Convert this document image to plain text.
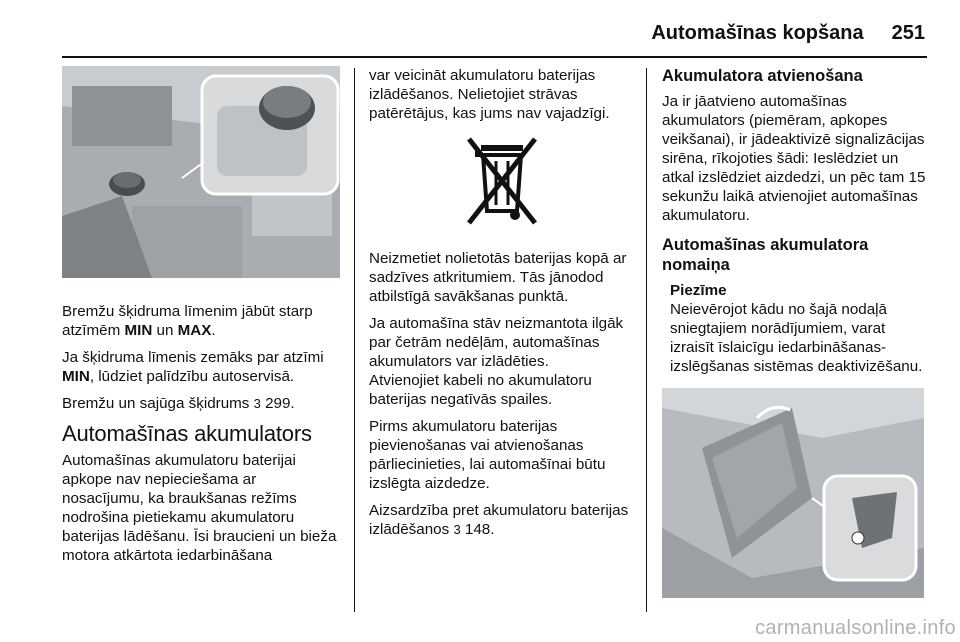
Automašīnas kopšana 251

Bremžu šķidruma līmenim jābūt starp atzīmēm MIN un MAX.

Ja šķidruma līmenis zemāks par atzīmi MIN, lūdziet palīdzību autoservisā.

Bremžu un sajūga šķidrums 3 299.

Automašīnas akumulators

Automašīnas akumulatoru baterijai apkope nav nepieciešama ar nosacījumu, ka braukšanas režīms nodrošina pietiekamu akumulatoru baterijas lādēšanu. Īsi braucieni un bieža motora atkārtota iedarbināšana

var veicināt akumulatoru baterijas izlādēšanos. Nelietojiet strāvas patērētājus, kas jums nav vajadzīgi.

Neizmetiet nolietotās baterijas kopā ar sadzīves atkritumiem. Tās jānodod atbilstīgā savākšanas punktā.

Ja automašīna stāv neizmantota ilgāk par četrām nedēļām, automašīnas akumulators var izlādēties.

Atvienojiet kabeli no akumulatoru baterijas negatīvās spailes.

Pirms akumulatoru baterijas pievienošanas vai atvienošanas pārliecinieties, lai automašīnai būtu izslēgta aizdedze.

Aizsardzība pret akumulatoru baterijas izlādēšanos 3 148.

Akumulatora atvienošana

Ja ir jāatvieno automašīnas akumulators (piemēram, apkopes veikšanai), ir jādeaktivizē signalizācijas sirēna, rīkojoties šādi: Ieslēdziet un atkal izslēdziet aizdedzi, un pēc tam 15 sekunžu laikā atvienojiet automašīnas akumulatoru.

Automašīnas akumulatora nomaiņa
Piezīme
Neievērojot kādu no šajā nodaļā sniegtajiem norādījumiem, varat izraisīt īslaicīgu iedarbināšanas-izslēgšanas sistēmas deaktivizēšanu.
carmanualsonline.info
